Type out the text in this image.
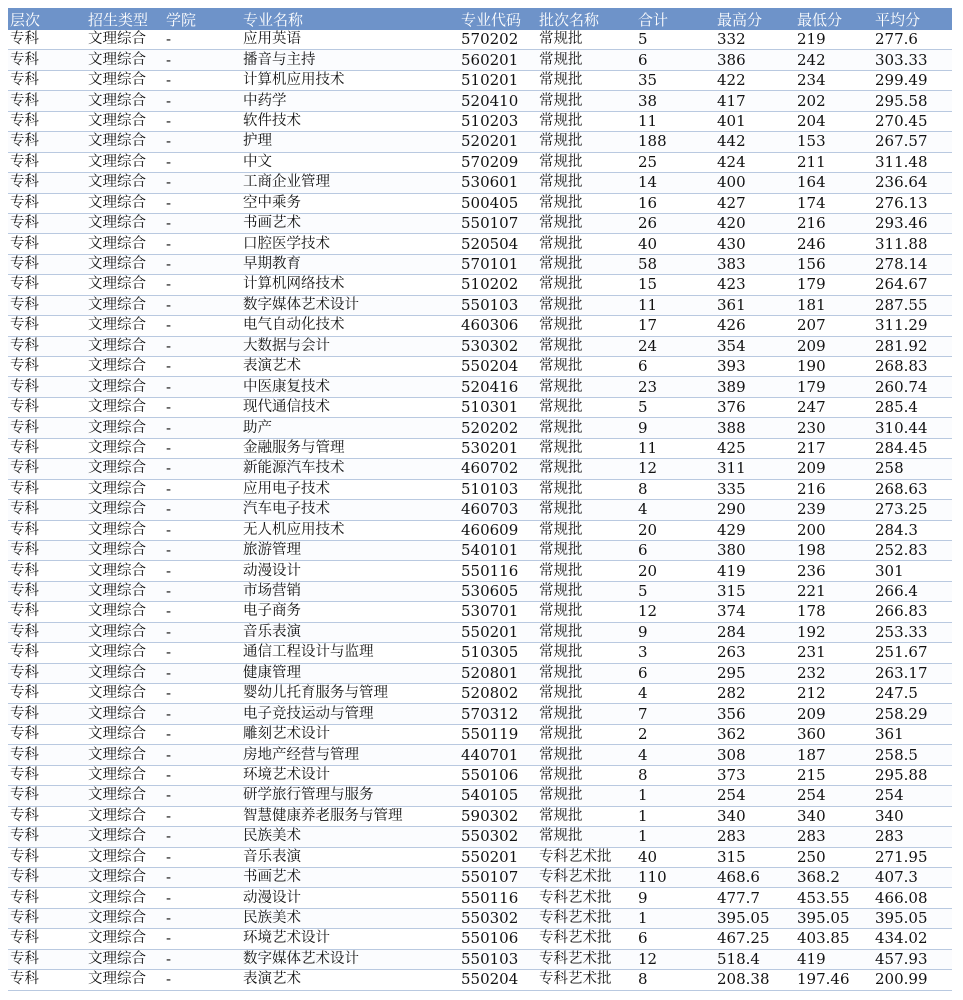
层次	招生类型	学院	专业名称	专业代码	批次名称	合计	最高分	最低分	平均分
专科	文理综合	-	应用英语	570202	常规批	5	332	219	277.6
专科	文理综合	-	播音与主持	560201	常规批	6	386	242	303.33
专科	文理综合	-	计算机应用技术	510201	常规批	35	422	234	299.49
专科	文理综合	-	中药学	520410	常规批	38	417	202	295.58
专科	文理综合	-	软件技术	510203	常规批	11	401	204	270.45
专科	文理综合	-	护理	520201	常规批	188	442	153	267.57
专科	文理综合	-	中文	570209	常规批	25	424	211	311.48
专科	文理综合	-	工商企业管理	530601	常规批	14	400	164	236.64
专科	文理综合	-	空中乘务	500405	常规批	16	427	174	276.13
专科	文理综合	-	书画艺术	550107	常规批	26	420	216	293.46
专科	文理综合	-	口腔医学技术	520504	常规批	40	430	246	311.88
专科	文理综合	-	早期教育	570101	常规批	58	383	156	278.14
专科	文理综合	-	计算机网络技术	510202	常规批	15	423	179	264.67
专科	文理综合	-	数字媒体艺术设计	550103	常规批	11	361	181	287.55
专科	文理综合	-	电气自动化技术	460306	常规批	17	426	207	311.29
专科	文理综合	-	大数据与会计	530302	常规批	24	354	209	281.92
专科	文理综合	-	表演艺术	550204	常规批	6	393	190	268.83
专科	文理综合	-	中医康复技术	520416	常规批	23	389	179	260.74
专科	文理综合	-	现代通信技术	510301	常规批	5	376	247	285.4
专科	文理综合	-	助产	520202	常规批	9	388	230	310.44
专科	文理综合	-	金融服务与管理	530201	常规批	11	425	217	284.45
专科	文理综合	-	新能源汽车技术	460702	常规批	12	311	209	258
专科	文理综合	-	应用电子技术	510103	常规批	8	335	216	268.63
专科	文理综合	-	汽车电子技术	460703	常规批	4	290	239	273.25
专科	文理综合	-	无人机应用技术	460609	常规批	20	429	200	284.3
专科	文理综合	-	旅游管理	540101	常规批	6	380	198	252.83
专科	文理综合	-	动漫设计	550116	常规批	20	419	236	301
专科	文理综合	-	市场营销	530605	常规批	5	315	221	266.4
专科	文理综合	-	电子商务	530701	常规批	12	374	178	266.83
专科	文理综合	-	音乐表演	550201	常规批	9	284	192	253.33
专科	文理综合	-	通信工程设计与监理	510305	常规批	3	263	231	251.67
专科	文理综合	-	健康管理	520801	常规批	6	295	232	263.17
专科	文理综合	-	婴幼儿托育服务与管理	520802	常规批	4	282	212	247.5
专科	文理综合	-	电子竞技运动与管理	570312	常规批	7	356	209	258.29
专科	文理综合	-	雕刻艺术设计	550119	常规批	2	362	360	361
专科	文理综合	-	房地产经营与管理	440701	常规批	4	308	187	258.5
专科	文理综合	-	环境艺术设计	550106	常规批	8	373	215	295.88
专科	文理综合	-	研学旅行管理与服务	540105	常规批	1	254	254	254
专科	文理综合	-	智慧健康养老服务与管理	590302	常规批	1	340	340	340
专科	文理综合	-	民族美术	550302	常规批	1	283	283	283
专科	文理综合	-	音乐表演	550201	专科艺术批	40	315	250	271.95
专科	文理综合	-	书画艺术	550107	专科艺术批	110	468.6	368.2	407.3
专科	文理综合	-	动漫设计	550116	专科艺术批	9	477.7	453.55	466.08
专科	文理综合	-	民族美术	550302	专科艺术批	1	395.05	395.05	395.05
专科	文理综合	-	环境艺术设计	550106	专科艺术批	6	467.25	403.85	434.02
专科	文理综合	-	数字媒体艺术设计	550103	专科艺术批	12	518.4	419	457.93
专科	文理综合	-	表演艺术	550204	专科艺术批	8	208.38	197.46	200.99
